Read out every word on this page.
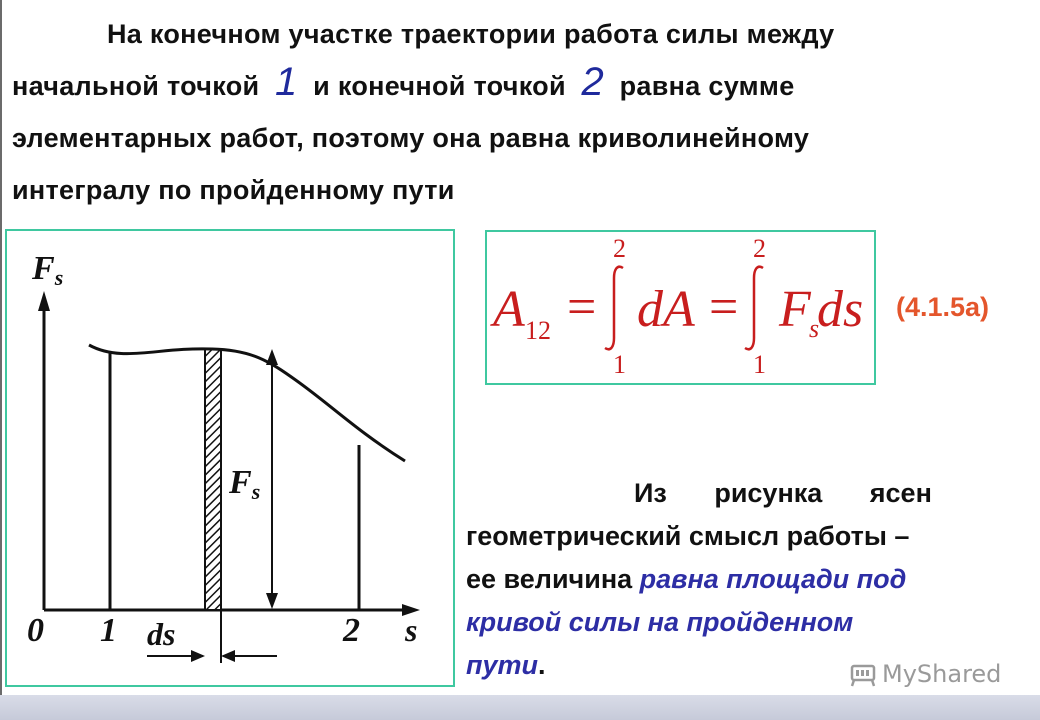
На конечном участке траектории работа силы между

начальной точкой 1 и конечной точкой 2 равна сумме

элементарных работ, поэтому она равна криволинейному

интегралу по пройденному пути

Fs
s
0 1	2
ds
Fs
A 12 =
2
1
dA =
2
1
F
s
ds (4.1.5а)
Из рисунка ясен
геометрический смысл работы –
ее величина равна площади под
кривой силы на пройденном
пути.	MyShared
